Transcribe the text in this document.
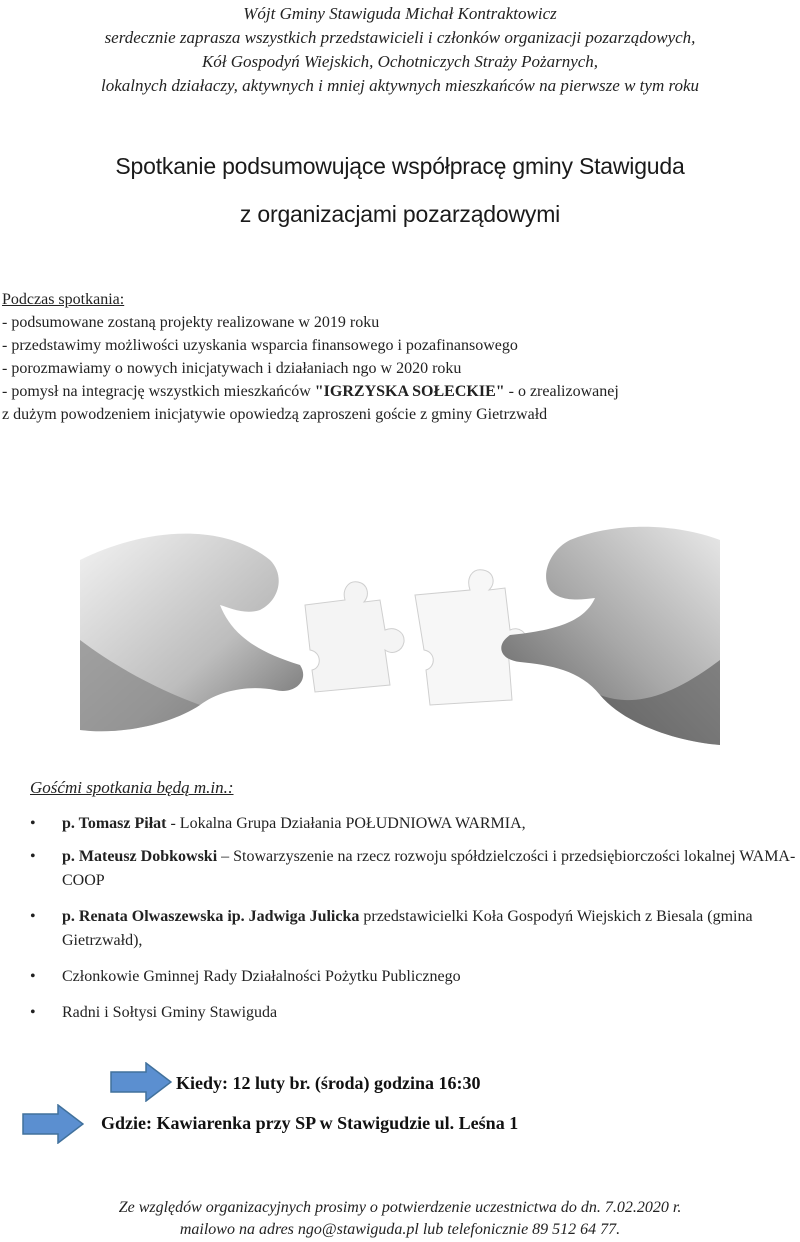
Wójt Gminy Stawiguda Michał Kontraktowicz
serdecznie zaprasza wszystkich przedstawicieli i członków organizacji pozarządowych,
Kół Gospodyń Wiejskich, Ochotniczych Straży Pożarnych,
lokalnych działaczy, aktywnych i mniej aktywnych mieszkańców na pierwsze w tym roku
Spotkanie podsumowujące współpracę gminy Stawiguda
z organizacjami pozarządowymi
Podczas spotkania:
- podsumowane zostaną projekty realizowane w 2019 roku
- przedstawimy możliwości uzyskania wsparcia finansowego i pozafinansowego
- porozmawiamy o nowych inicjatywach i działaniach ngo w 2020 roku
- pomysł na integrację wszystkich mieszkańców "IGRZYSKA SOŁECKIE" - o zrealizowanej
z dużym powodzeniem inicjatywie opowiedzą zaproszeni goście z gminy Gietrzwałd
Gośćmi spotkania będą m.in.:
• p. Tomasz Piłat - Lokalna Grupa Działania POŁUDNIOWA WARMIA,
• p. Mateusz Dobkowski – Stowarzyszenie na rzecz rozwoju spółdzielczości i przedsiębiorczości lokalnej WAMA-COOP
• p. Renata Olwaszewska ip. Jadwiga Julicka przedstawicielki Koła Gospodyń Wiejskich z Biesala (gmina Gietrzwałd),
• Członkowie Gminnej Rady Działalności Pożytku Publicznego
• Radni i Sołtysi Gminy Stawiguda
Kiedy: 12 luty br. (środa) godzina 16:30
Gdzie: Kawiarenka przy SP w Stawigudzie ul. Leśna 1
Ze względów organizacyjnych prosimy o potwierdzenie uczestnictwa do dn. 7.02.2020 r.
mailowo na adres ngo@stawiguda.pl lub telefonicznie 89 512 64 77.
